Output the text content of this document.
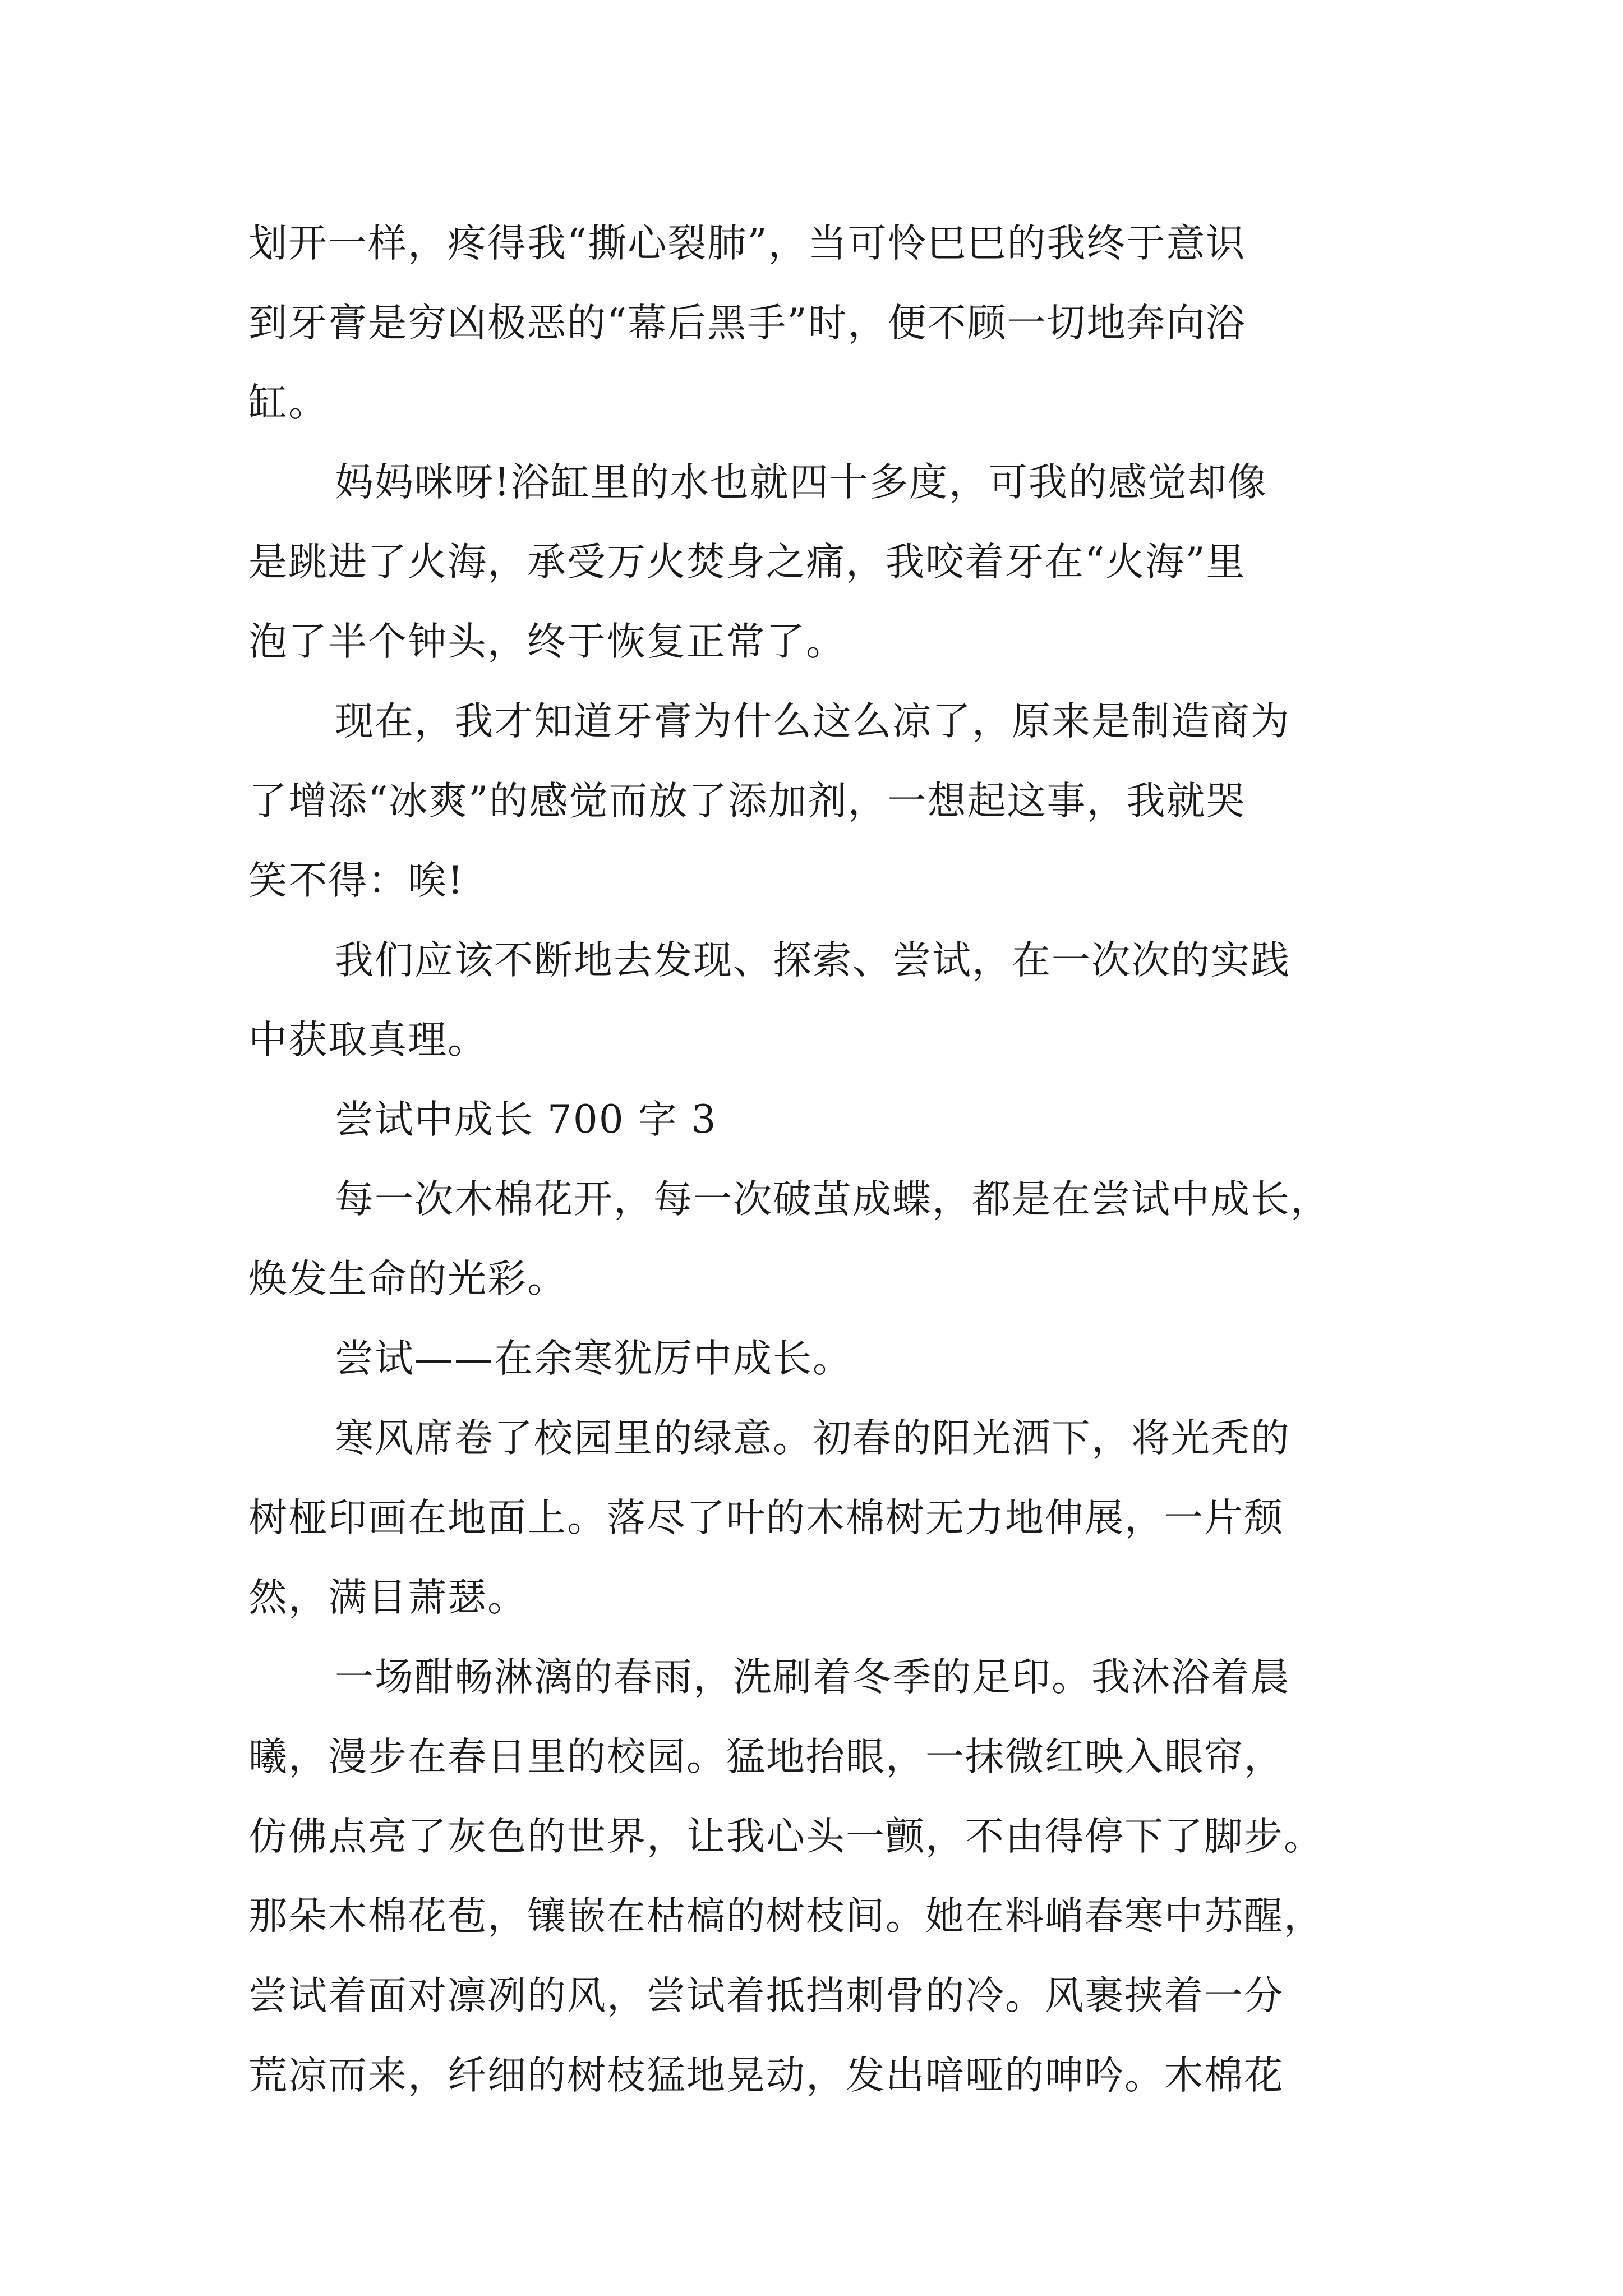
划开一样，疼得我“撕心裂肺”，当可怜巴巴的我终于意识
到牙膏是穷凶极恶的“幕后黑手”时，便不顾一切地奔向浴
缸。
妈妈咪呀!浴缸里的水也就四十多度，可我的感觉却像
是跳进了火海，承受万火焚身之痛，我咬着牙在“火海”里
泡了半个钟头，终于恢复正常了。
现在，我才知道牙膏为什么这么凉了，原来是制造商为
了增添“冰爽”的感觉而放了添加剂，一想起这事，我就哭
笑不得：唉!
我们应该不断地去发现、探索、尝试，在一次次的实践
中获取真理。
尝试中成长 700 字 3
每一次木棉花开，每一次破茧成蝶，都是在尝试中成长，
焕发生命的光彩。
尝试——在余寒犹厉中成长。
寒风席卷了校园里的绿意。初春的阳光洒下，将光秃的
树桠印画在地面上。落尽了叶的木棉树无力地伸展，一片颓
然，满目萧瑟。
一场酣畅淋漓的春雨，洗刷着冬季的足印。我沐浴着晨
曦，漫步在春日里的校园。猛地抬眼，一抹微红映入眼帘，
仿佛点亮了灰色的世界，让我心头一颤，不由得停下了脚步。
那朵木棉花苞，镶嵌在枯槁的树枝间。她在料峭春寒中苏醒，
尝试着面对凛冽的风，尝试着抵挡刺骨的冷。风裹挟着一分
荒凉而来，纤细的树枝猛地晃动，发出喑哑的呻吟。木棉花
